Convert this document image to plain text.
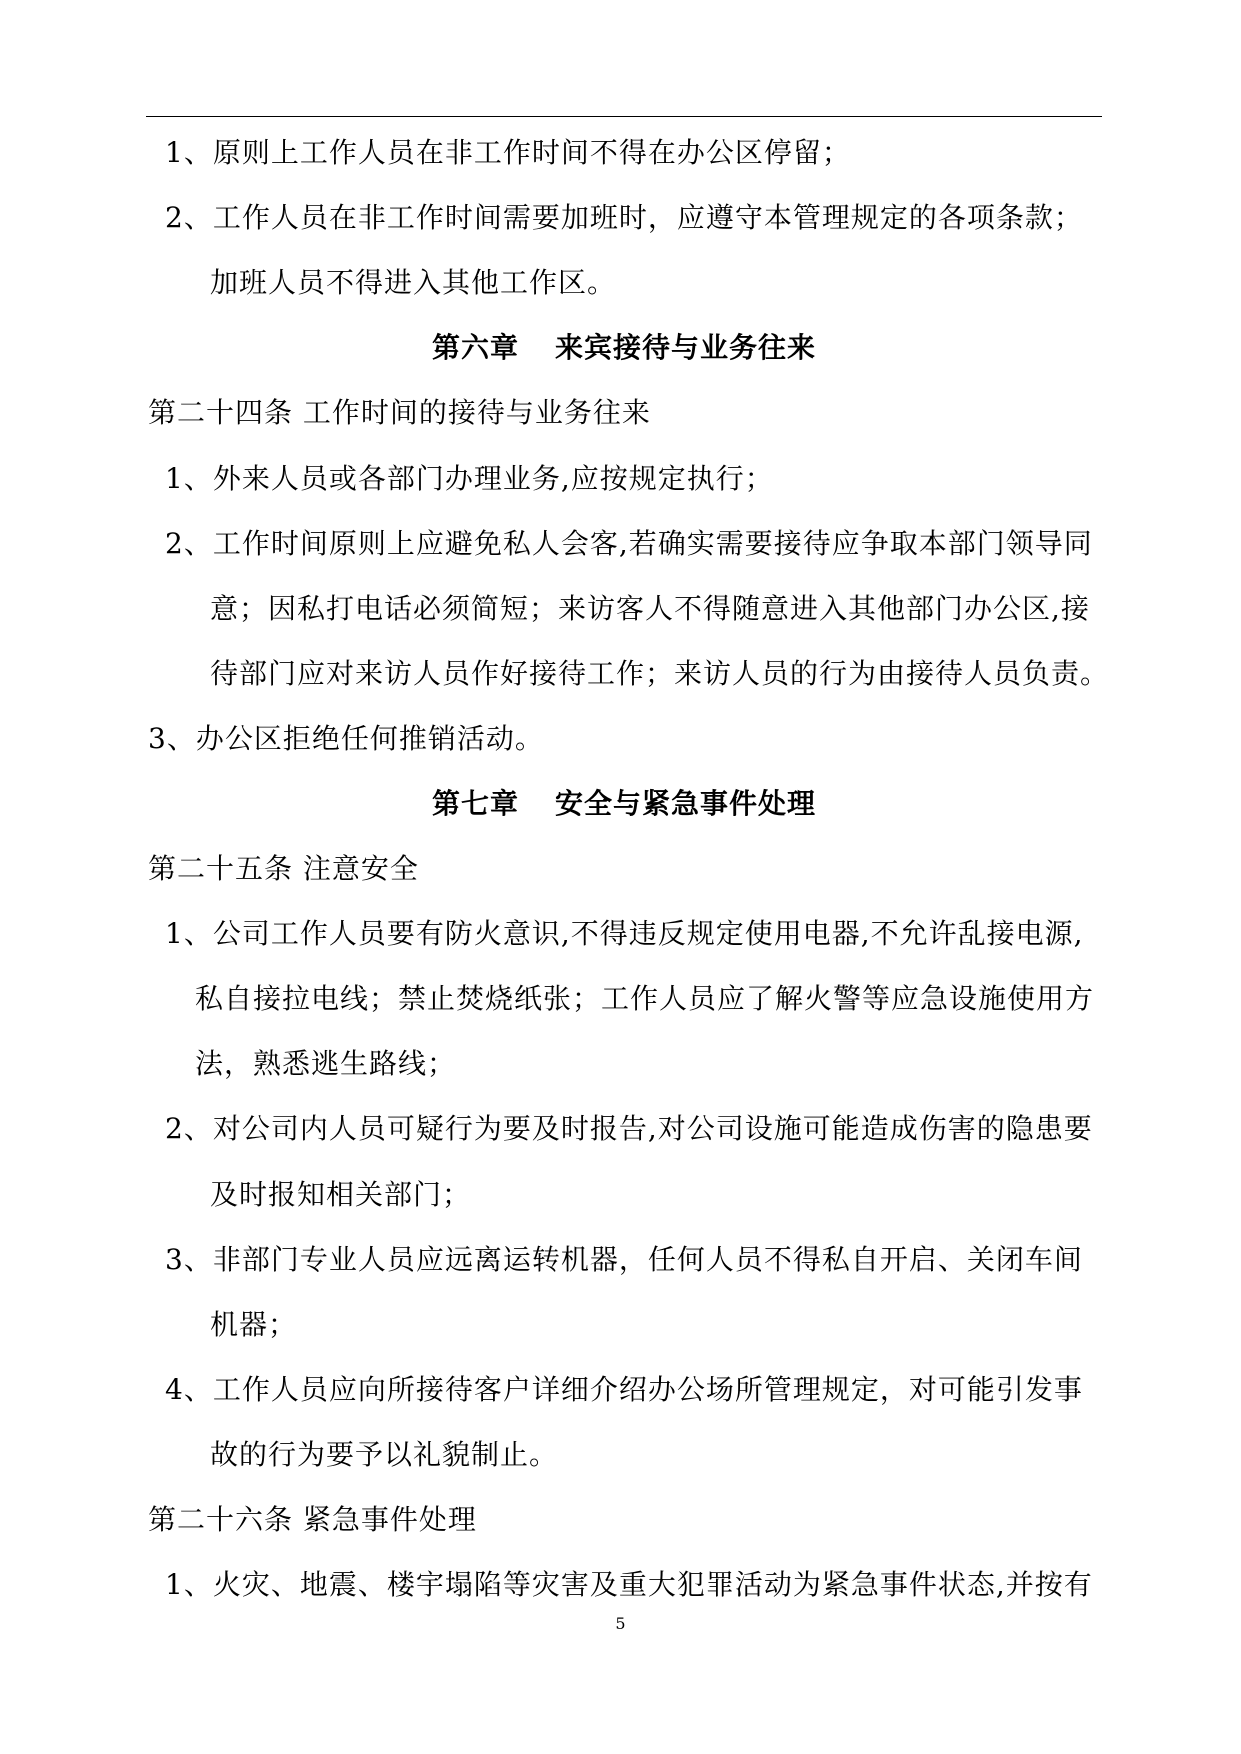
1、原则上工作人员在非工作时间不得在办公区停留；
2、工作人员在非工作时间需要加班时，应遵守本管理规定的各项条款；
加班人员不得进入其他工作区。
第六章 来宾接待与业务往来
第二十四条 工作时间的接待与业务往来
1、外来人员或各部门办理业务,应按规定执行；
2、工作时间原则上应避免私人会客,若确实需要接待应争取本部门领导同
意；因私打电话必须简短；来访客人不得随意进入其他部门办公区,接
待部门应对来访人员作好接待工作；来访人员的行为由接待人员负责。
3、办公区拒绝任何推销活动。
第七章 安全与紧急事件处理
第二十五条 注意安全
1、公司工作人员要有防火意识,不得违反规定使用电器,不允许乱接电源,
私自接拉电线；禁止焚烧纸张；工作人员应了解火警等应急设施使用方
法，熟悉逃生路线；
2、对公司内人员可疑行为要及时报告,对公司设施可能造成伤害的隐患要
及时报知相关部门；
3、非部门专业人员应远离运转机器，任何人员不得私自开启、关闭车间
机器；
4、工作人员应向所接待客户详细介绍办公场所管理规定，对可能引发事
故的行为要予以礼貌制止。
第二十六条 紧急事件处理
1、火灾、地震、楼宇塌陷等灾害及重大犯罪活动为紧急事件状态,并按有
5
